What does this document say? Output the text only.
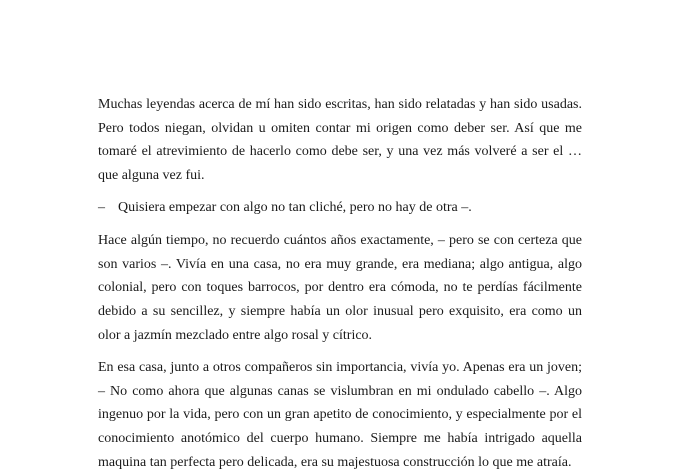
Muchas leyendas acerca de mí han sido escritas, han sido relatadas y han sido usadas. Pero todos niegan, olvidan u omiten contar mi origen como deber ser. Así que me tomaré el atrevimiento de hacerlo como debe ser, y una vez más volveré a ser el … que alguna vez fui.

– Quisiera empezar con algo no tan cliché, pero no hay de otra –.

Hace algún tiempo, no recuerdo cuántos años exactamente, – pero se con certeza que son varios –. Vivía en una casa, no era muy grande, era mediana; algo antigua, algo colonial, pero con toques barrocos, por dentro era cómoda, no te perdías fácilmente debido a su sencillez, y siempre había un olor inusual pero exquisito, era como un olor a jazmín mezclado entre algo rosal y cítrico.

En esa casa, junto a otros compañeros sin importancia, vivía yo. Apenas era un joven; – No como ahora que algunas canas se vislumbran en mi ondulado cabello –. Algo ingenuo por la vida, pero con un gran apetito de conocimiento, y especialmente por el conocimiento anotómico del cuerpo humano. Siempre me había intrigado aquella maquina tan perfecta pero delicada, era su majestuosa construcción lo que me atraía.
